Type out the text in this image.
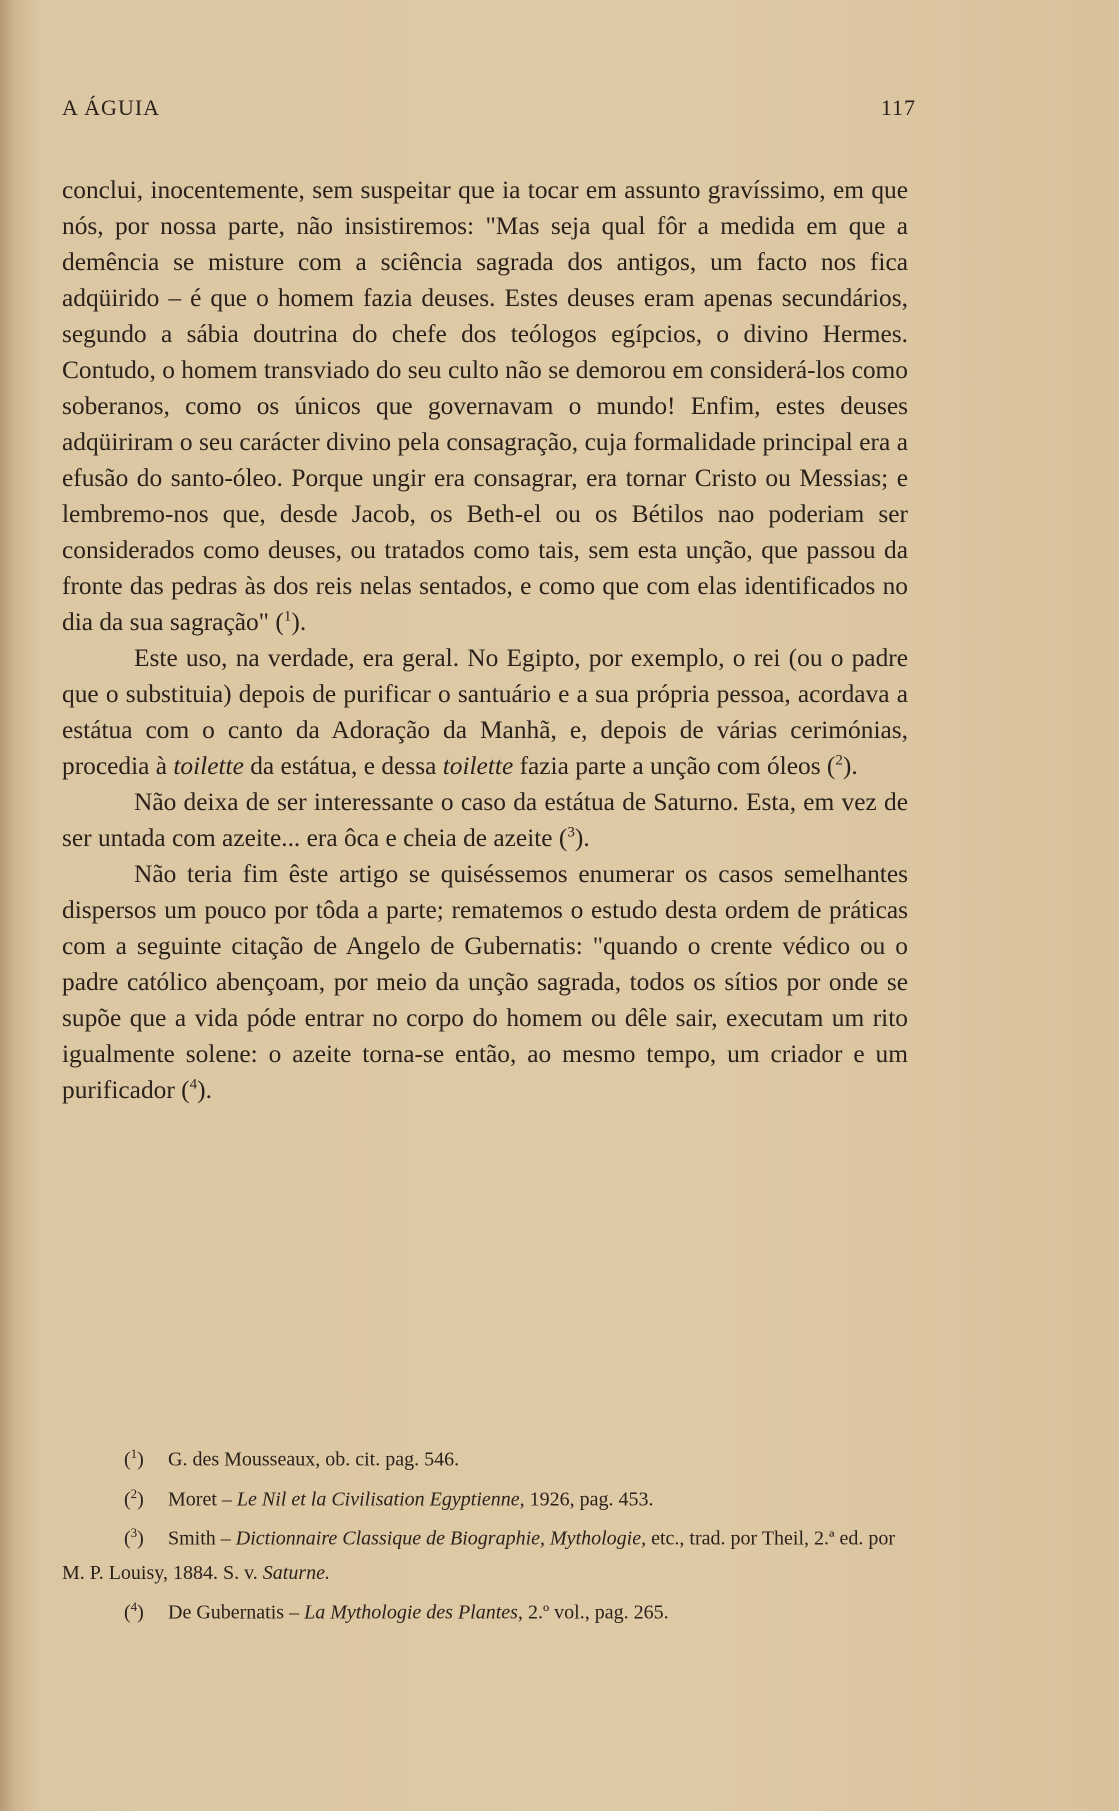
A ÁGUIA	117

conclui, inocentemente, sem suspeitar que ia tocar em assunto gravíssimo, em que nós, por nossa parte, não insistiremos: "Mas seja qual fôr a medida em que a demência se misture com a sciência sagrada dos antigos, um facto nos fica adqüirido – é que o homem fazia deuses. Estes deuses eram apenas secundários, segundo a sábia doutrina do chefe dos teólogos egípcios, o divino Hermes. Contudo, o homem transviado do seu culto não se demorou em considerá-los como soberanos, como os únicos que governavam o mundo! Enfim, estes deuses adqüiriram o seu carácter divino pela consagração, cuja formalidade principal era a efusão do santo-óleo. Porque ungir era consagrar, era tornar Cristo ou Messias; e lembremo-nos que, desde Jacob, os Beth-el ou os Bétilos nao poderiam ser considerados como deuses, ou tratados como tais, sem esta unção, que passou da fronte das pedras às dos reis nelas sentados, e como que com elas identificados no dia da sua sagração" ($^1$).

Este uso, na verdade, era geral. No Egipto, por exemplo, o rei (ou o padre que o substituia) depois de purificar o santuário e a sua própria pessoa, acordava a estátua com o canto da Adoração da Manhã, e, depois de várias cerimónias, procedia à toilette da estátua, e dessa toilette fazia parte a unção com óleos ($^2$).

Não deixa de ser interessante o caso da estátua de Saturno. Esta, em vez de ser untada com azeite... era ôca e cheia de azeite ($^3$).

Não teria fim êste artigo se quiséssemos enumerar os casos semelhantes dispersos um pouco por tôda a parte; rematemos o estudo desta ordem de práticas com a seguinte citação de Angelo de Gubernatis: "quando o crente védico ou o padre católico abençoam, por meio da unção sagrada, todos os sítios por onde se supõe que a vida póde entrar no corpo do homem ou dêle sair, executam um rito igualmente solene: o azeite torna-se então, ao mesmo tempo, um criador e um purificador ($^4$).

($^1$) G. des Mousseaux, ob. cit. pag. 546.

($^2$) Moret – Le Nil et la Civilisation Egyptienne, 1926, pag. 453.

($^3$) Smith – Dictionnaire Classique de Biographie, Mythologie, etc., trad. por Theil, 2.ª ed. por M. P. Louisy, 1884. S. v. Saturne.

($^4$) De Gubernatis – La Mythologie des Plantes, 2.º vol., pag. 265.
